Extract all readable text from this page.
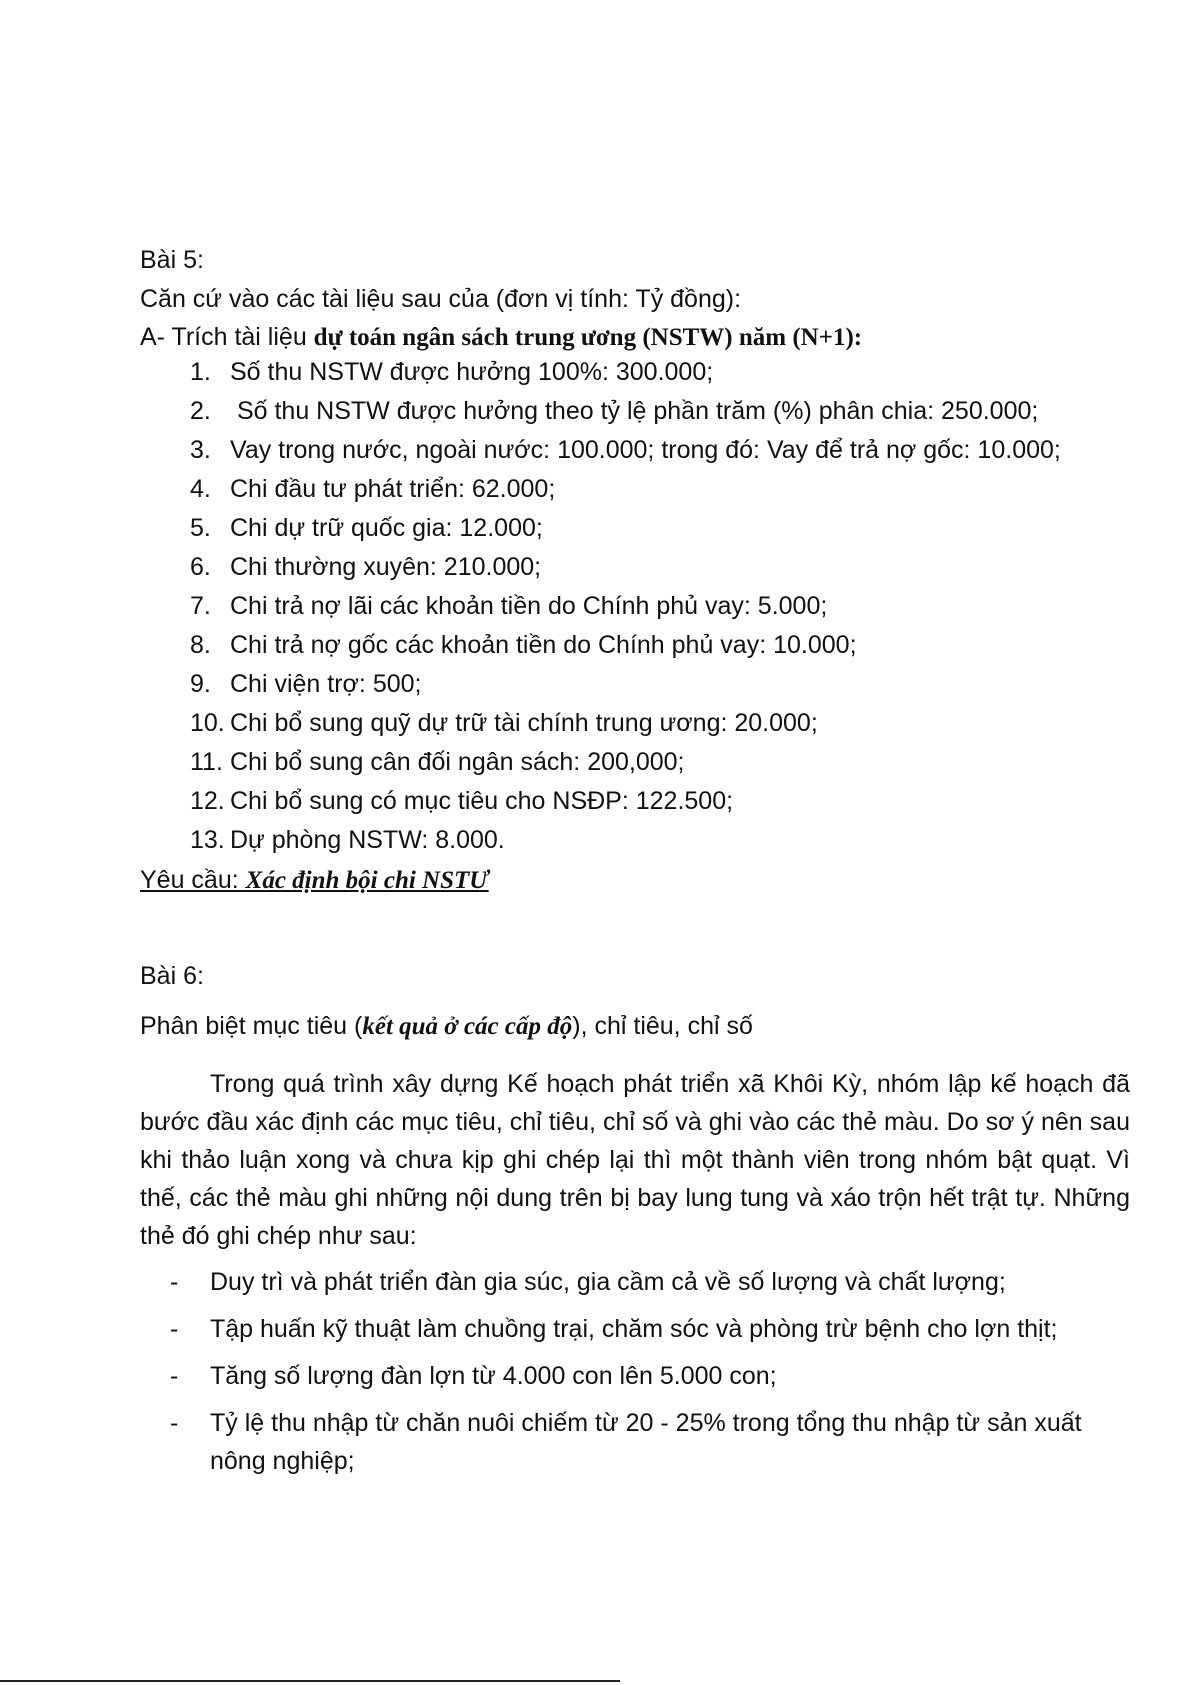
Bài 5:
Căn cứ vào các tài liệu sau của (đơn vị tính: Tỷ đồng):
A- Trích tài liệu dự toán ngân sách trung ương (NSTW) năm (N+1):
1. Số thu NSTW được hưởng 100%: 300.000;
2. Số thu NSTW được hưởng theo tỷ lệ phần trăm (%) phân chia: 250.000;
3. Vay trong nước, ngoài nước: 100.000; trong đó: Vay để trả nợ gốc: 10.000;
4. Chi đầu tư phát triển: 62.000;
5. Chi dự trữ quốc gia: 12.000;
6. Chi thường xuyên: 210.000;
7. Chi trả nợ lãi các khoản tiền do Chính phủ vay: 5.000;
8. Chi trả nợ gốc các khoản tiền do Chính phủ vay: 10.000;
9. Chi viện trợ: 500;
10. Chi bổ sung quỹ dự trữ tài chính trung ương: 20.000;
11. Chi bổ sung cân đối ngân sách: 200,000;
12. Chi bổ sung có mục tiêu cho NSĐP: 122.500;
13. Dự phòng NSTW: 8.000.
Yêu cầu: Xác định bội chi NSTƯ
Bài 6:
Phân biệt mục tiêu (kết quả ở các cấp độ), chỉ tiêu, chỉ số
Trong quá trình xây dựng Kế hoạch phát triển xã Khôi Kỳ, nhóm lập kế hoạch đã bước đầu xác định các mục tiêu, chỉ tiêu, chỉ số và ghi vào các thẻ màu. Do sơ ý nên sau khi thảo luận xong và chưa kịp ghi chép lại thì một thành viên trong nhóm bật quạt. Vì thế, các thẻ màu ghi những nội dung trên bị bay lung tung và xáo trộn hết trật tự. Những thẻ đó ghi chép như sau:
- Duy trì và phát triển đàn gia súc, gia cầm cả về số lượng và chất lượng;
- Tập huấn kỹ thuật làm chuồng trại, chăm sóc và phòng trừ bệnh cho lợn thịt;
- Tăng số lượng đàn lợn từ 4.000 con lên 5.000 con;
- Tỷ lệ thu nhập từ chăn nuôi chiếm từ 20 - 25% trong tổng thu nhập từ sản xuất nông nghiệp;
